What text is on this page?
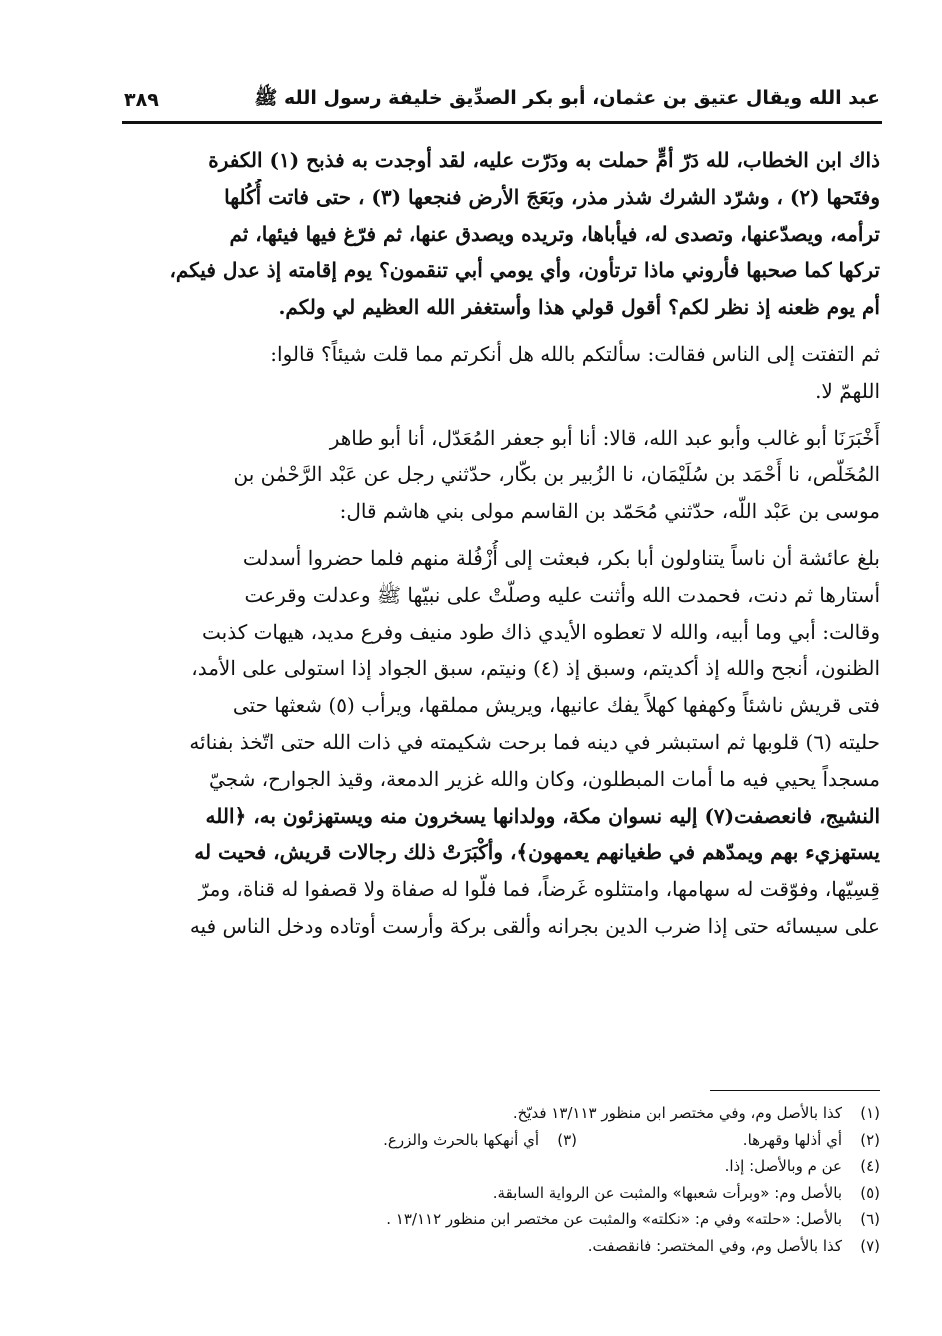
عبد الله ويقال عتيق بن عثمان، أبو بكر الصدِّيق خليفة رسول الله ﷺ
٣٨٩
ذاك ابن الخطاب، لله دَرّ أمٍّ حملت به ودَرّت عليه، لقد أوجدت به فذبح (١) الكفرة
وفتَحها (٢) ، وشرّد الشرك شذر مذر، وبَعَجَ الأرض فنجعها (٣) ، حتى فاتت أُكُلها
ترأمه، ويصدّعنها، وتصدى له، فيأباها، وتريده ويصدق عنها، ثم فرّغ فيها فيئها، ثم
تركها كما صحبها فأروني ماذا ترتأون، وأي يومي أبي تنقمون؟ يوم إقامته إذ عدل فيكم،
أم يوم ظعنه إذ نظر لكم؟ أقول قولي هذا وأستغفر الله العظيم لي ولكم.
ثم التفتت إلى الناس فقالت: سألتكم بالله هل أنكرتم مما قلت شيئاً؟ قالوا:
اللهمّ لا.
أَخْبَرَنَا أبو غالب وأبو عبد الله، قالا: أنا أبو جعفر المُعَدّل، أنا أبو طاهر
المُخَلّص، نا أَحْمَد بن سُلَيْمَان، نا الزُبير بن بكّار، حدّثني رجل عن عَبْد الرَّحْمٰن بن
موسى بن عَبْد اللّه، حدّثني مُحَمّد بن القاسم مولى بني هاشم قال:
بلغ عائشة أن ناساً يتناولون أبا بكر، فبعثت إلى أُزْفُلة منهم فلما حضروا أسدلت
أستارها ثم دنت، فحمدت الله وأثنت عليه وصلّتْ على نبيّها ﷺ وعدلت وقرعت
وقالت: أبي وما أبيه، والله لا تعطوه الأيدي ذاك طود منيف وفرع مديد، هيهات كذبت
الظنون، أنجح والله إذ أكديتم، وسبق إذ (٤) ونيتم، سبق الجواد إذا استولى على الأمد،
فتى قريش ناشئاً وكهفها كهلاً يفك عانيها، ويريش مملقها، ويرأب (٥) شعثها حتى
حليته (٦) قلوبها ثم استبشر في دينه فما برحت شكيمته في ذات الله حتى اتّخذ بفنائه
مسجداً يحيي فيه ما أمات المبطلون، وكان والله غزير الدمعة، وقيذ الجوارح، شجيّ
النشيج، فانعصفت(٧) إليه نسوان مكة، وولدانها يسخرون منه ويستهزئون به، ﴿الله
يستهزيء بهم ويمدّهم في طغيانهم يعمهون﴾، وأكْبَرَتْ ذلك رجالات قريش، فحيت له
قِسِيّها، وفوّقت له سهامها، وامتثلوه غَرضاً، فما فلّوا له صفاة ولا قصفوا له قناة، ومرّ
على سيسائه حتى إذا ضرب الدين بجرانه وألقى بركة وأرست أوتاده ودخل الناس فيه
(١)
كذا بالأصل وم، وفي مختصر ابن منظور ١٣/١١٣ فديّخ.
(٢)
أي أذلها وقهرها.
(٣)
أي أنهكها بالحرث والزرع.
(٤)
عن م وبالأصل: إذا.
(٥)
بالأصل وم: «وبرأت شعبها» والمثبت عن الرواية السابقة.
(٦)
بالأصل: «حلته» وفي م: «نكلته» والمثبت عن مختصر ابن منظور ١٣/١١٢ .
(٧)
كذا بالأصل وم، وفي المختصر: فانقصفت.
